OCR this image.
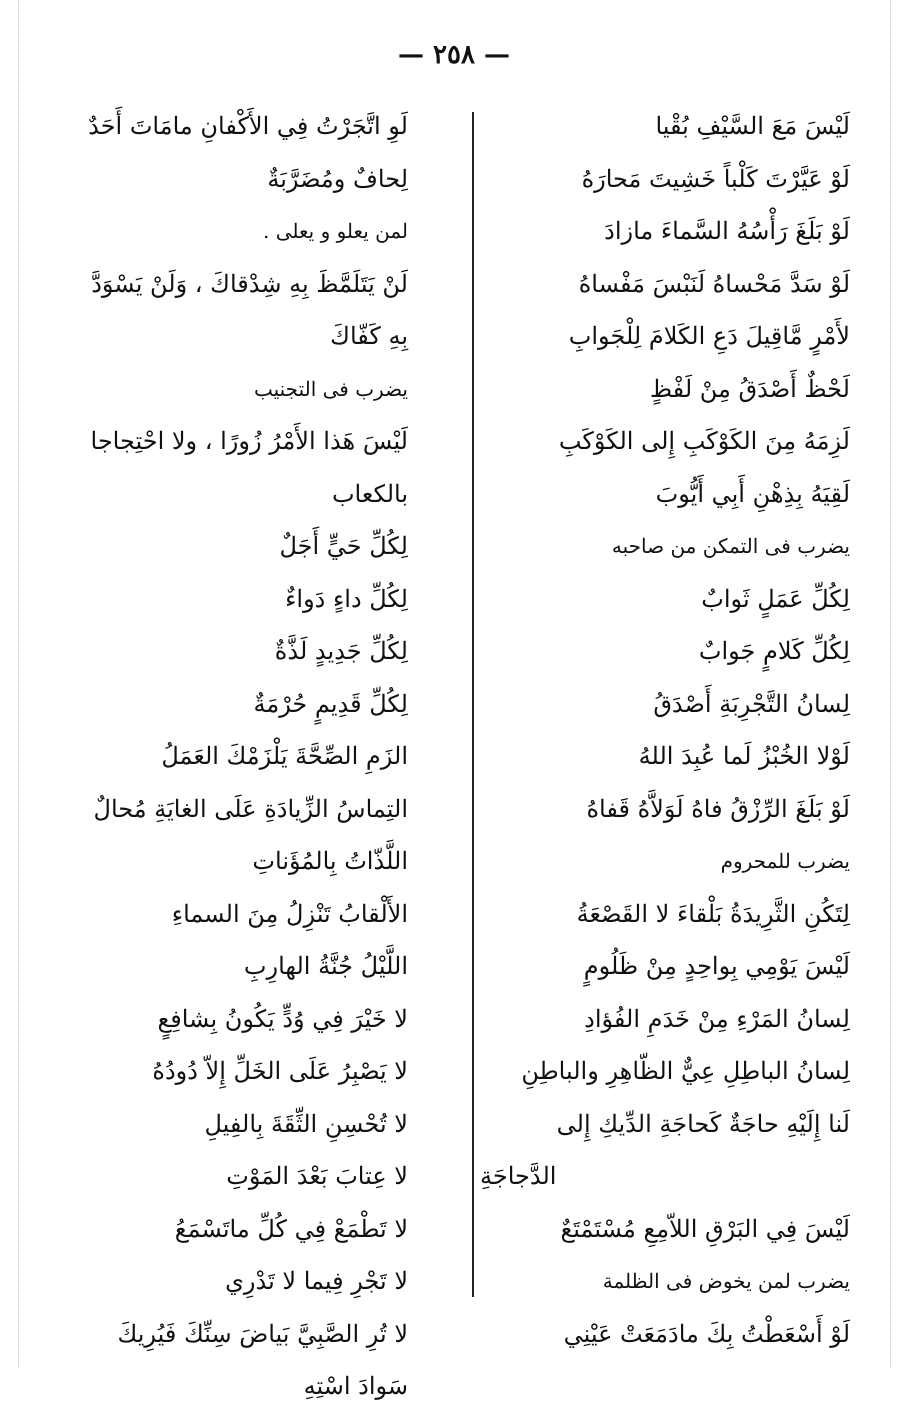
— ٢٥٨ —
لَيْسَ مَعَ السَّيْفِ بُقْيا
لَوْ عَيَّرْتَ كَلْباً خَشِيتَ مَحارَهُ
لَوْ بَلَغَ رَأْسُهُ السَّماءَ مازادَ
لَوْ سَدَّ مَحْساهُ لَنَبْسَ مَفْساهُ
لأَمْرٍ مَّاقِيلَ دَعِ الكَلامَ لِلْجَوابِ
لَحْظٌ أَصْدَقُ مِنْ لَفْظٍ
لَزِمَهُ مِنَ الكَوْكَبِ إِلى الكَوْكَبِ
لَقِيَهُ بِذِهْنِ أَبِي أَيُّوبَ
يضرب فى التمكن من صاحبه
لِكُلِّ عَمَلٍ ثَوابٌ
لِكُلِّ كَلامٍ جَوابٌ
لِسانُ التَّجْرِبَةِ أَصْدَقُ
لَوْلا الخُبْزُ لَما عُبِدَ اللهُ
لَوْ بَلَغَ الرِّزْقُ فاهُ لَوَلاَّهُ قَفاهُ
يضرب للمحروم
لِتَكُنِ الثَّرِيدَةُ بَلْقاءَ لا القَصْعَةُ
لَيْسَ يَوْمِي بِواحِدٍ مِنْ ظَلُومٍ
لِسانُ المَرْءِ مِنْ خَدَمِ الفُؤادِ
لِسانُ الباطِلِ عِيٌّ الظّاهِرِ والباطِنِ
لَنا إِلَيْهِ حاجَةٌ كَحاجَةِ الدِّيكِ إِلى
الدَّجاجَةِ
لَيْسَ فِي البَرْقِ اللاّمِعِ مُسْتَمْتَعٌ
يضرب لمن يخوض فى الظلمة
لَوْ أَسْعَطْتُ بِكَ مادَمَعَتْ عَيْنِي
لَوِ اتَّجَرْتُ فِي الأَكْفانِ مامَاتَ أَحَدٌ
لِحافٌ ومُضَرَّبَةٌ
لمن يعلو و يعلى .
لَنْ يَتَلَمَّظَ بِهِ شِدْقاكَ ، وَلَنْ يَسْوَدَّ
بِهِ كَفّاكَ
يضرب فى التجنيب
لَيْسَ هَذا الأَمْرُ زُورًا ، ولا احْتِجاجا
بالكعاب
لِكُلِّ حَيٍّ أَجَلٌ
لِكُلِّ داءٍ دَواءٌ
لِكُلِّ جَدِيدٍ لَذَّةٌ
لِكُلِّ قَدِيمٍ حُرْمَةٌ
الزَمِ الصِّحَّةَ يَلْزَمْكَ العَمَلُ
التِماسُ الزِّيادَةِ عَلَى الغايَةِ مُحالٌ
اللَّذّاتُ بِالمُؤَناتِ
الأَلْقابُ تَنْزِلُ مِنَ السماءِ
اللَّيْلُ جُنَّةُ الهارِبِ
لا خَيْرَ فِي وُدٍّ يَكُونُ بِشافِعٍ
لا يَصْبِرُ عَلَى الخَلِّ إِلاّ دُودُهُ
لا تُحْسِنِ الثِّقَةَ بِالفِيلِ
لا عِتابَ بَعْدَ المَوْتِ
لا تَطْمَعْ فِي كُلِّ ماتَسْمَعُ
لا تَجْرِ فِيما لا تَدْرِي
لا تُرِ الصَّبِيَّ بَياضَ سِنِّكَ فَيُرِيكَ
سَوادَ اسْتِهِ
